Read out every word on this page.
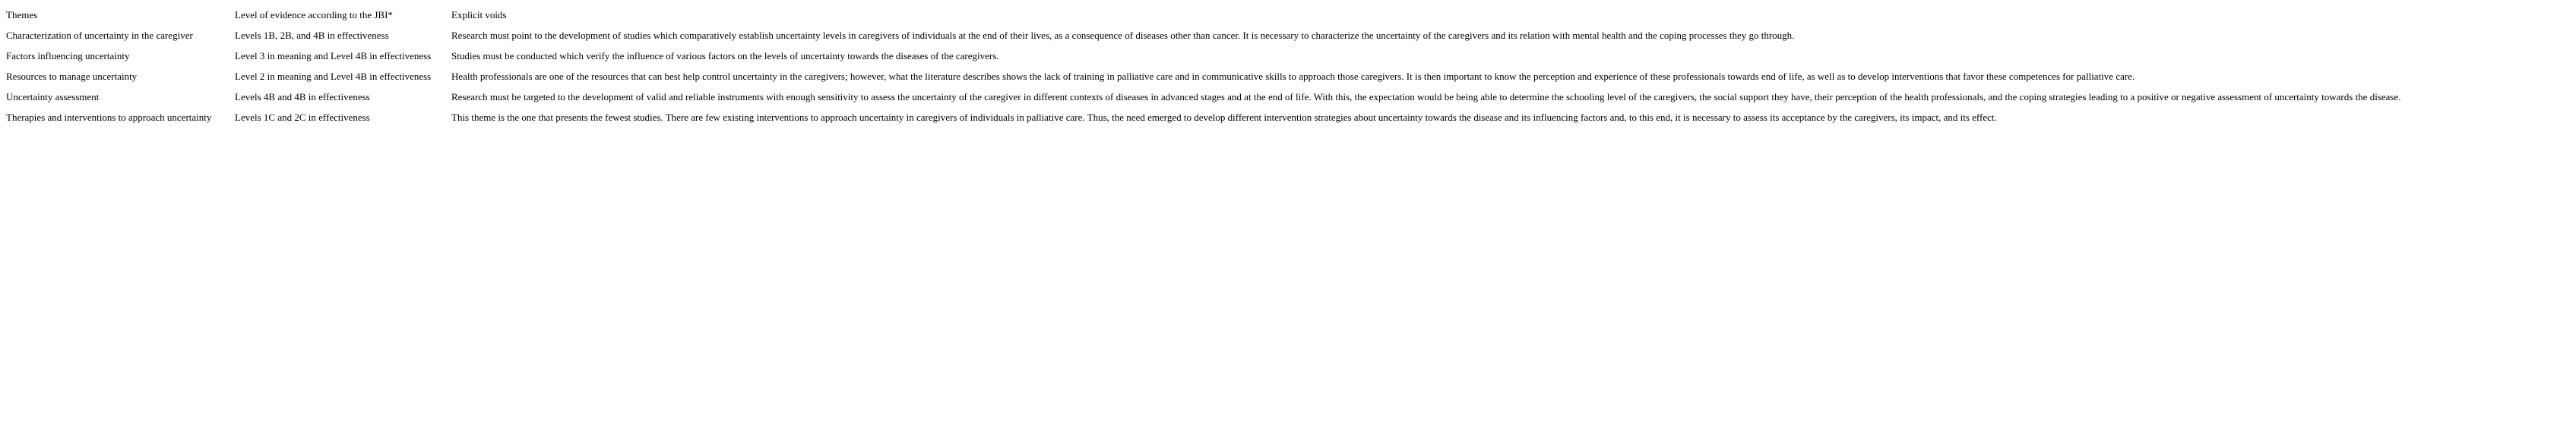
Themes	Level of evidence according to the JBI*	Explicit voids
Characterization of uncertainty in the caregiver	Levels 1B, 2B, and 4B in effectiveness	Research must point to the development of studies which comparatively establish uncertainty levels in caregivers of individuals at the end of their lives, as a consequence of diseases other than cancer. It is necessary to characterize the uncertainty of the caregivers and its relation with mental health and the coping processes they go through.
Factors influencing uncertainty	Level 3 in meaning and Level 4B in effectiveness	Studies must be conducted which verify the influence of various factors on the levels of uncertainty towards the diseases of the caregivers.
Resources to manage uncertainty	Level 2 in meaning and Level 4B in effectiveness	Health professionals are one of the resources that can best help control uncertainty in the caregivers; however, what the literature describes shows the lack of training in palliative care and in communicative skills to approach those caregivers. It is then important to know the perception and experience of these professionals towards end of life, as well as to develop interventions that favor these competences for palliative care.
Uncertainty assessment	Levels 4B and 4B in effectiveness	Research must be targeted to the development of valid and reliable instruments with enough sensitivity to assess the uncertainty of the caregiver in different contexts of diseases in advanced stages and at the end of life. With this, the expectation would be being able to determine the schooling level of the caregivers, the social support they have, their perception of the health professionals, and the coping strategies leading to a positive or negative assessment of uncertainty towards the disease.
Therapies and interventions to approach uncertainty	Levels 1C and 2C in effectiveness	This theme is the one that presents the fewest studies. There are few existing interventions to approach uncertainty in caregivers of individuals in palliative care. Thus, the need emerged to develop different intervention strategies about uncertainty towards the disease and its influencing factors and, to this end, it is necessary to assess its acceptance by the caregivers, its impact, and its effect.
